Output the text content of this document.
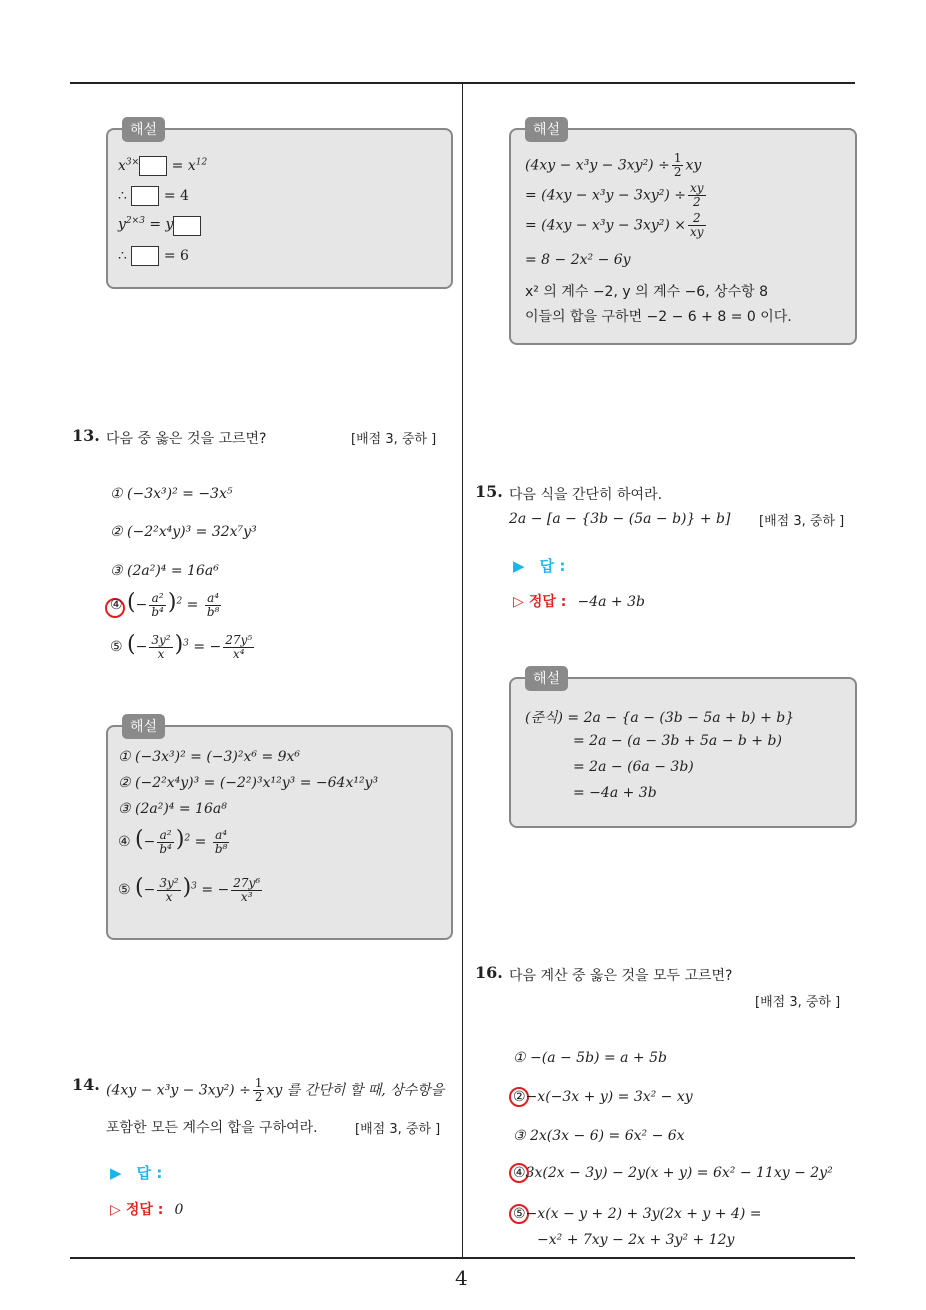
4
해설
$x^{3\times} = x^{12}$
∴	= 4
$y^{2\times 3} = y$
∴	= 6
13. 다음 중 옳은 것을 고르면?	[배점 3, 중하 ]
① (−3x³)² = −3x⁵
② (−2²x⁴y)³ = 32x⁷y³
③ (2a²)⁴ = 16a⁶
④ (− $\frac{\text{a²}}{\text{b⁴}} )^2 = \frac{\text{a⁴}}{\text{b⁸}}$
⑤ (− $\frac{\text{3y²}}{x} )^3$ = − $\frac{\text{27y⁵}}{\text{x⁴}}$
해설
① (−3x³)² = (−3)²x⁶ = 9x⁶
② (−2²x⁴y)³ = (−2²)³x¹²y³ = −64x¹²y³
③ (2a²)⁴ = 16a⁸
④ (− $\frac{\text{a²}}{\text{b⁴}} )^2 = \frac{\text{a⁴}}{\text{b⁸}}$
⑤ (− $\frac{\text{3y²}}{x} )^3$ = − $\frac{\text{27y⁶}}{\text{x³}}$
14. $(4xy - x^3y - 3xy^2) \div \frac{1}{2}$ xy 를 간단히 할 때, 상수항을
포함한 모든 계수의 합을 구하여라.	[배점 3, 중하 ]
▶ 답 :
▷ 정답 : 0
해설
$(4xy - x^3y - 3xy^2) \div \frac{1}{2}$ xy
= $(4xy - x^3y - 3xy^2) \div \frac{xy}{2}$
= $(4xy - x^3y - 3xy^2) \times \frac{2}{xy}$
= 8 − 2x² − 6y
x² 의 계수 −2, y 의 계수 −6, 상수항 8
이들의 합을 구하면 −2 − 6 + 8 = 0 이다.
15. 다음 식을 간단히 하여라.
2a − [a − {3b − (5a − b)} + b] [배점 3, 중하 ]
▶ 답 :
▷ 정답 : −4a + 3b
해설
(준식) = 2a − {a − (3b − 5a + b) + b}
= 2a − (a − 3b + 5a − b + b)
= 2a − (6a − 3b)
= −4a + 3b
16. 다음 계산 중 옳은 것을 모두 고르면?
[배점 3, 중하 ]
① −(a − 5b) = a + 5b
②−x(−3x + y) = 3x² − xy
③ 2x(3x − 6) = 6x² − 6x
④3x(2x − 3y) − 2y(x + y) = 6x² − 11xy − 2y²
⑤−x(x − y + 2) + 3y(2x + y + 4) =
−x² + 7xy − 2x + 3y² + 12y
